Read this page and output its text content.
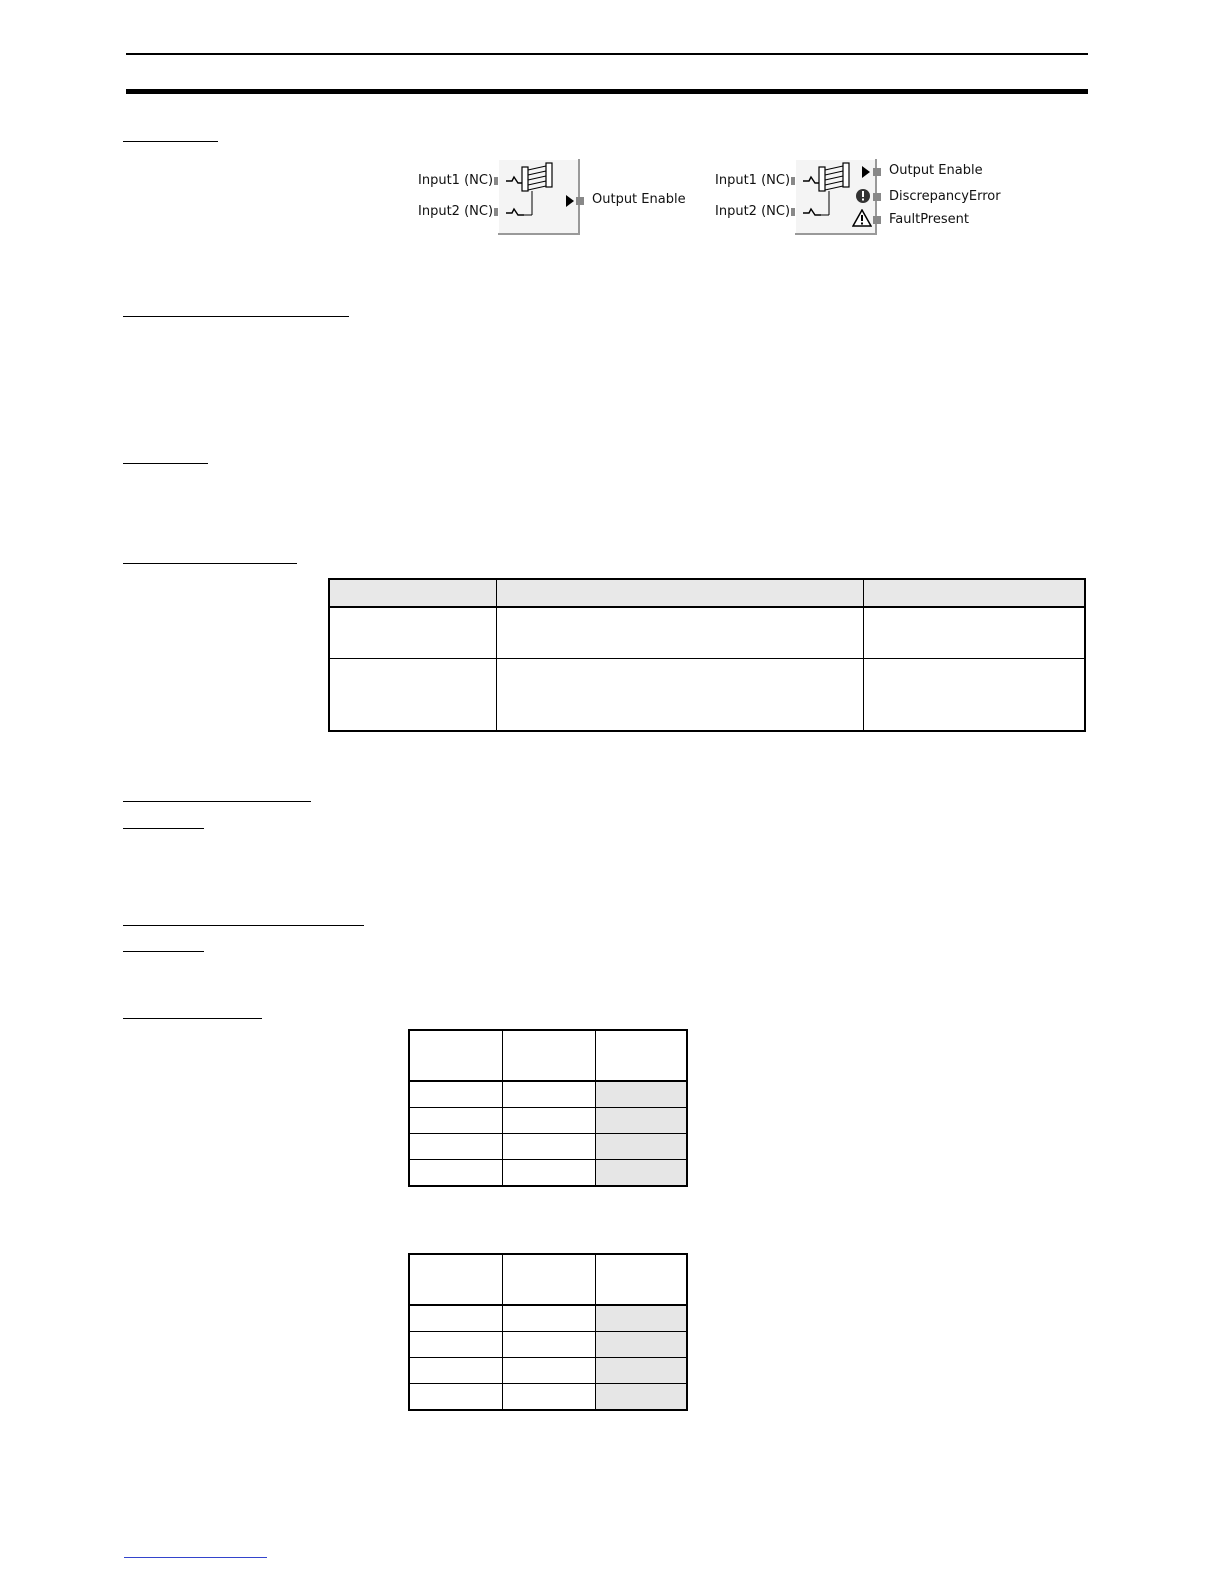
Input1 (NC)
Input2 (NC)
Output Enable
Input1 (NC)
Input2 (NC)
Output Enable
DiscrepancyError
FaultPresent
